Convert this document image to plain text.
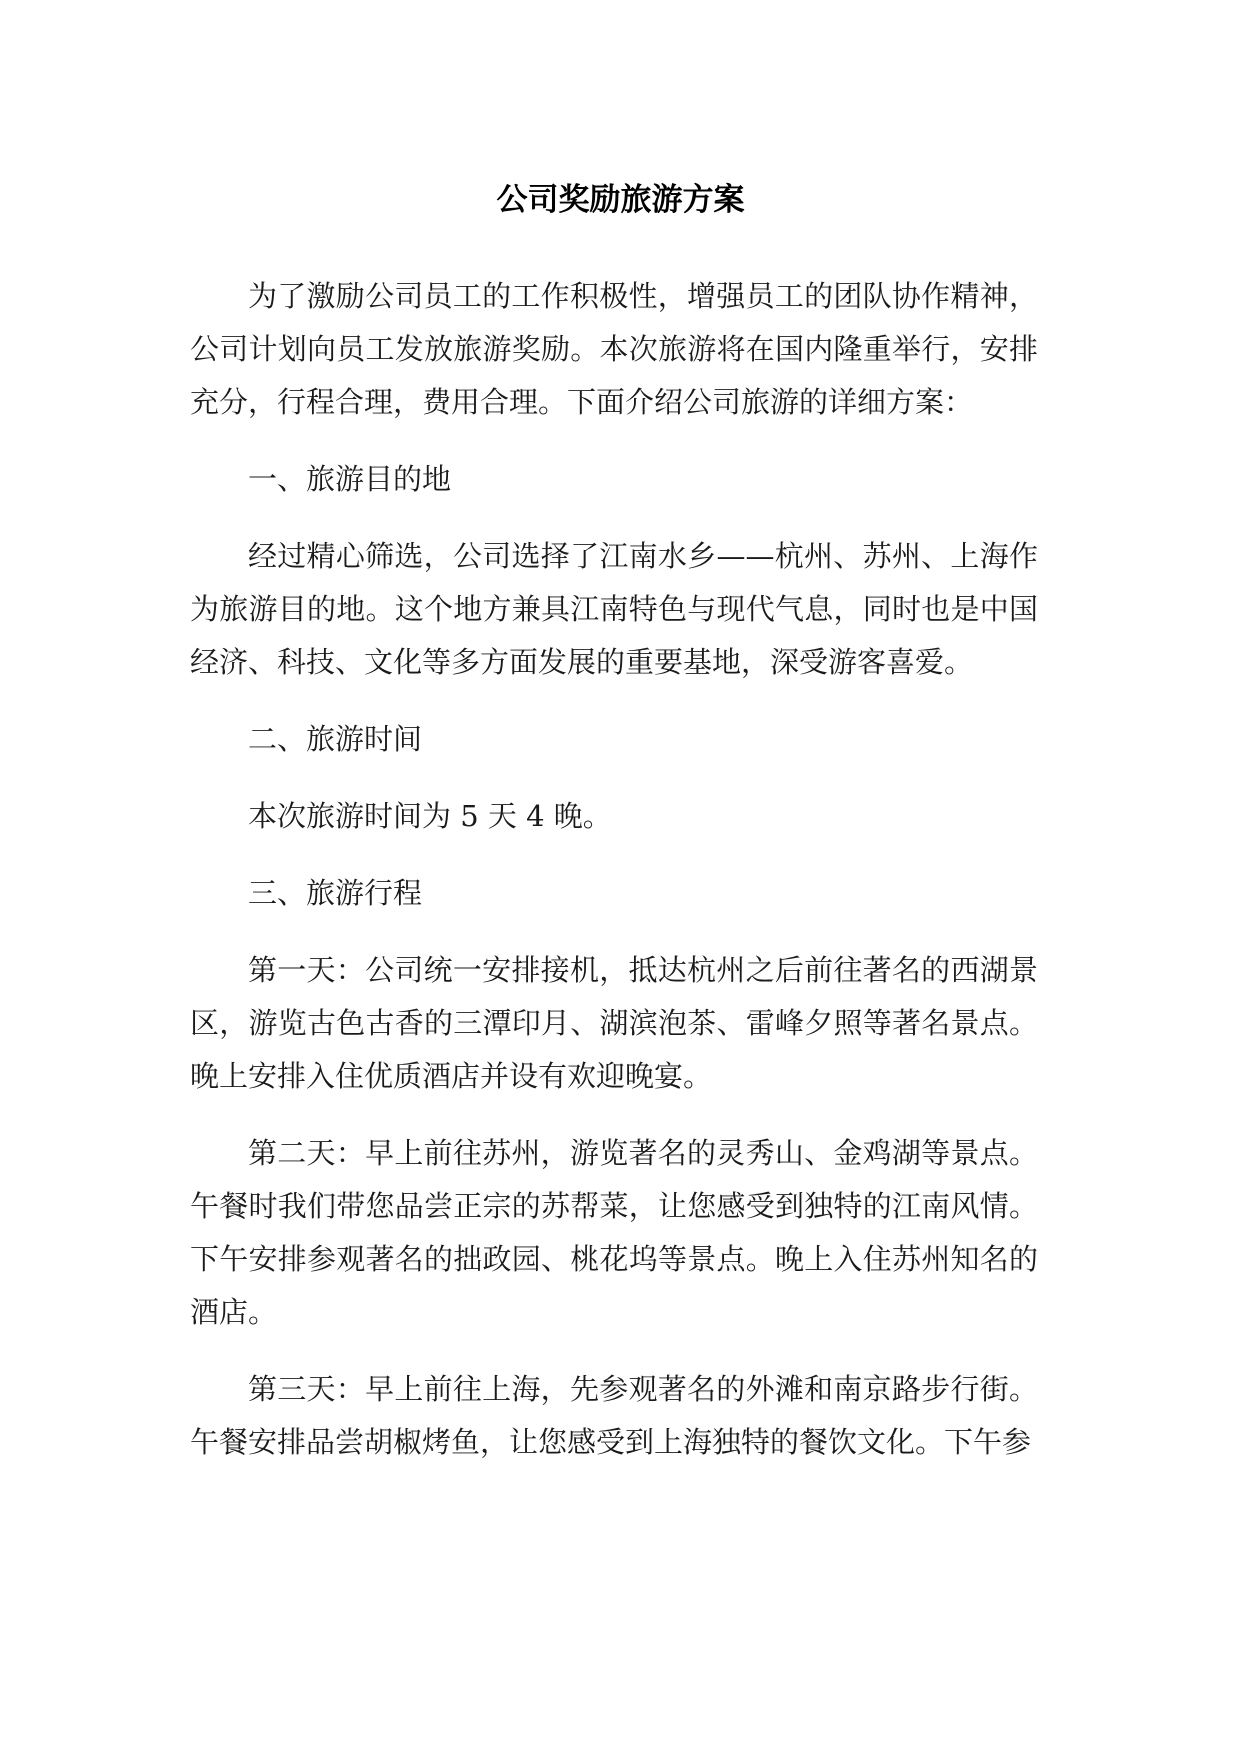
公司奖励旅游方案

为了激励公司员工的工作积极性，增强员工的团队协作精神，公司计划向员工发放旅游奖励。本次旅游将在国内隆重举行，安排充分，行程合理，费用合理。下面介绍公司旅游的详细方案：

一、旅游目的地

经过精心筛选，公司选择了江南水乡——杭州、苏州、上海作为旅游目的地。这个地方兼具江南特色与现代气息，同时也是中国经济、科技、文化等多方面发展的重要基地，深受游客喜爱。

二、旅游时间

本次旅游时间为 5 天 4 晚。

三、旅游行程

第一天：公司统一安排接机，抵达杭州之后前往著名的西湖景区，游览古色古香的三潭印月、湖滨泡茶、雷峰夕照等著名景点。晚上安排入住优质酒店并设有欢迎晚宴。

第二天：早上前往苏州，游览著名的灵秀山、金鸡湖等景点。午餐时我们带您品尝正宗的苏帮菜，让您感受到独特的江南风情。下午安排参观著名的拙政园、桃花坞等景点。晚上入住苏州知名的酒店。

第三天：早上前往上海，先参观著名的外滩和南京路步行街。午餐安排品尝胡椒烤鱼，让您感受到上海独特的餐饮文化。下午参
